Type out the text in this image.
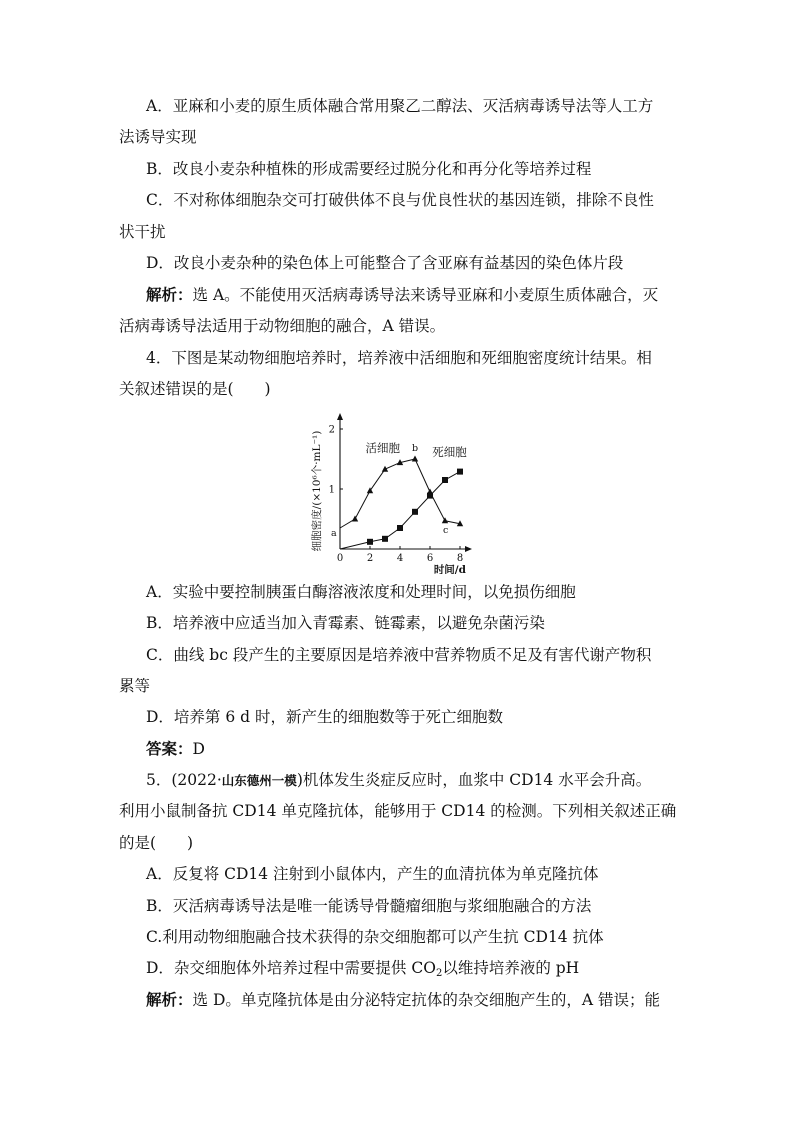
A．亚麻和小麦的原生质体融合常用聚乙二醇法、灭活病毒诱导法等人工方
法诱导实现
B．改良小麦杂种植株的形成需要经过脱分化和再分化等培养过程
C．不对称体细胞杂交可打破供体不良与优良性状的基因连锁，排除不良性
状干扰
D．改良小麦杂种的染色体上可能整合了含亚麻有益基因的染色体片段
解析：选 A。不能使用灭活病毒诱导法来诱导亚麻和小麦原生质体融合，灭
活病毒诱导法适用于动物细胞的融合，A 错误。
4．下图是某动物细胞培养时，培养液中活细胞和死细胞密度统计结果。相
关叙述错误的是(　　)
0 2 4 6 8
1
2
时间/d
细胞密度/(×10⁶个·mL⁻¹)	活细胞	死细胞
a
b
c
A．实验中要控制胰蛋白酶溶液浓度和处理时间，以免损伤细胞
B．培养液中应适当加入青霉素、链霉素，以避免杂菌污染
C．曲线 bc 段产生的主要原因是培养液中营养物质不足及有害代谢产物积
累等
D．培养第 6 d 时，新产生的细胞数等于死亡细胞数
答案：D
5．(2022·山东德州一模)机体发生炎症反应时，血浆中 CD14 水平会升高。
利用小鼠制备抗 CD14 单克隆抗体，能够用于 CD14 的检测。下列相关叙述正确
的是(　　)
A．反复将 CD14 注射到小鼠体内，产生的血清抗体为单克隆抗体
B．灭活病毒诱导法是唯一能诱导骨髓瘤细胞与浆细胞融合的方法
C.利用动物细胞融合技术获得的杂交细胞都可以产生抗 CD14 抗体
D．杂交细胞体外培养过程中需要提供 $CO_2$以维持培养液的 pH
解析：选 D。单克隆抗体是由分泌特定抗体的杂交细胞产生的，A 错误；能
